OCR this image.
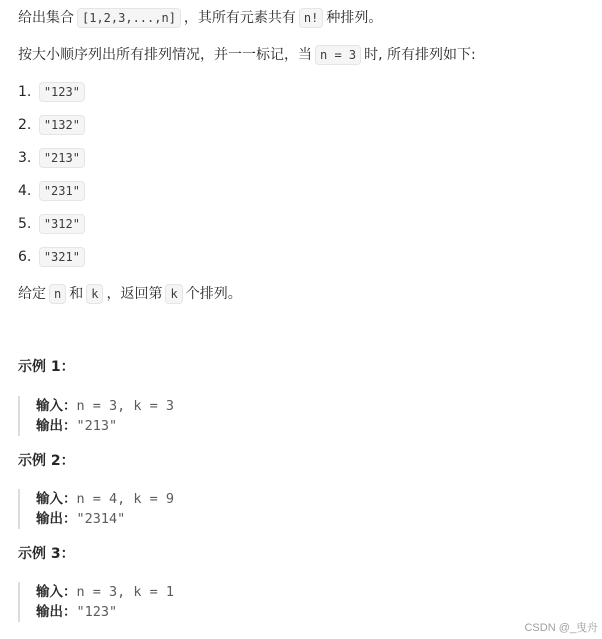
给出集合 [1,2,3,...,n] ，其所有元素共有 n! 种排列。
按大小顺序列出所有排列情况，并一一标记，当 n = 3 时, 所有排列如下:
1. "123"
2. "132"
3. "213"
4. "231"
5. "312"
6. "321"
给定 n 和 k ，返回第 k 个排列。
示例 1：
输入：n = 3, k = 3
输出："213"
示例 2：
输入：n = 4, k = 9
输出："2314"
示例 3：
输入：n = 3, k = 1
输出："123"
CSDN @_曳舟
